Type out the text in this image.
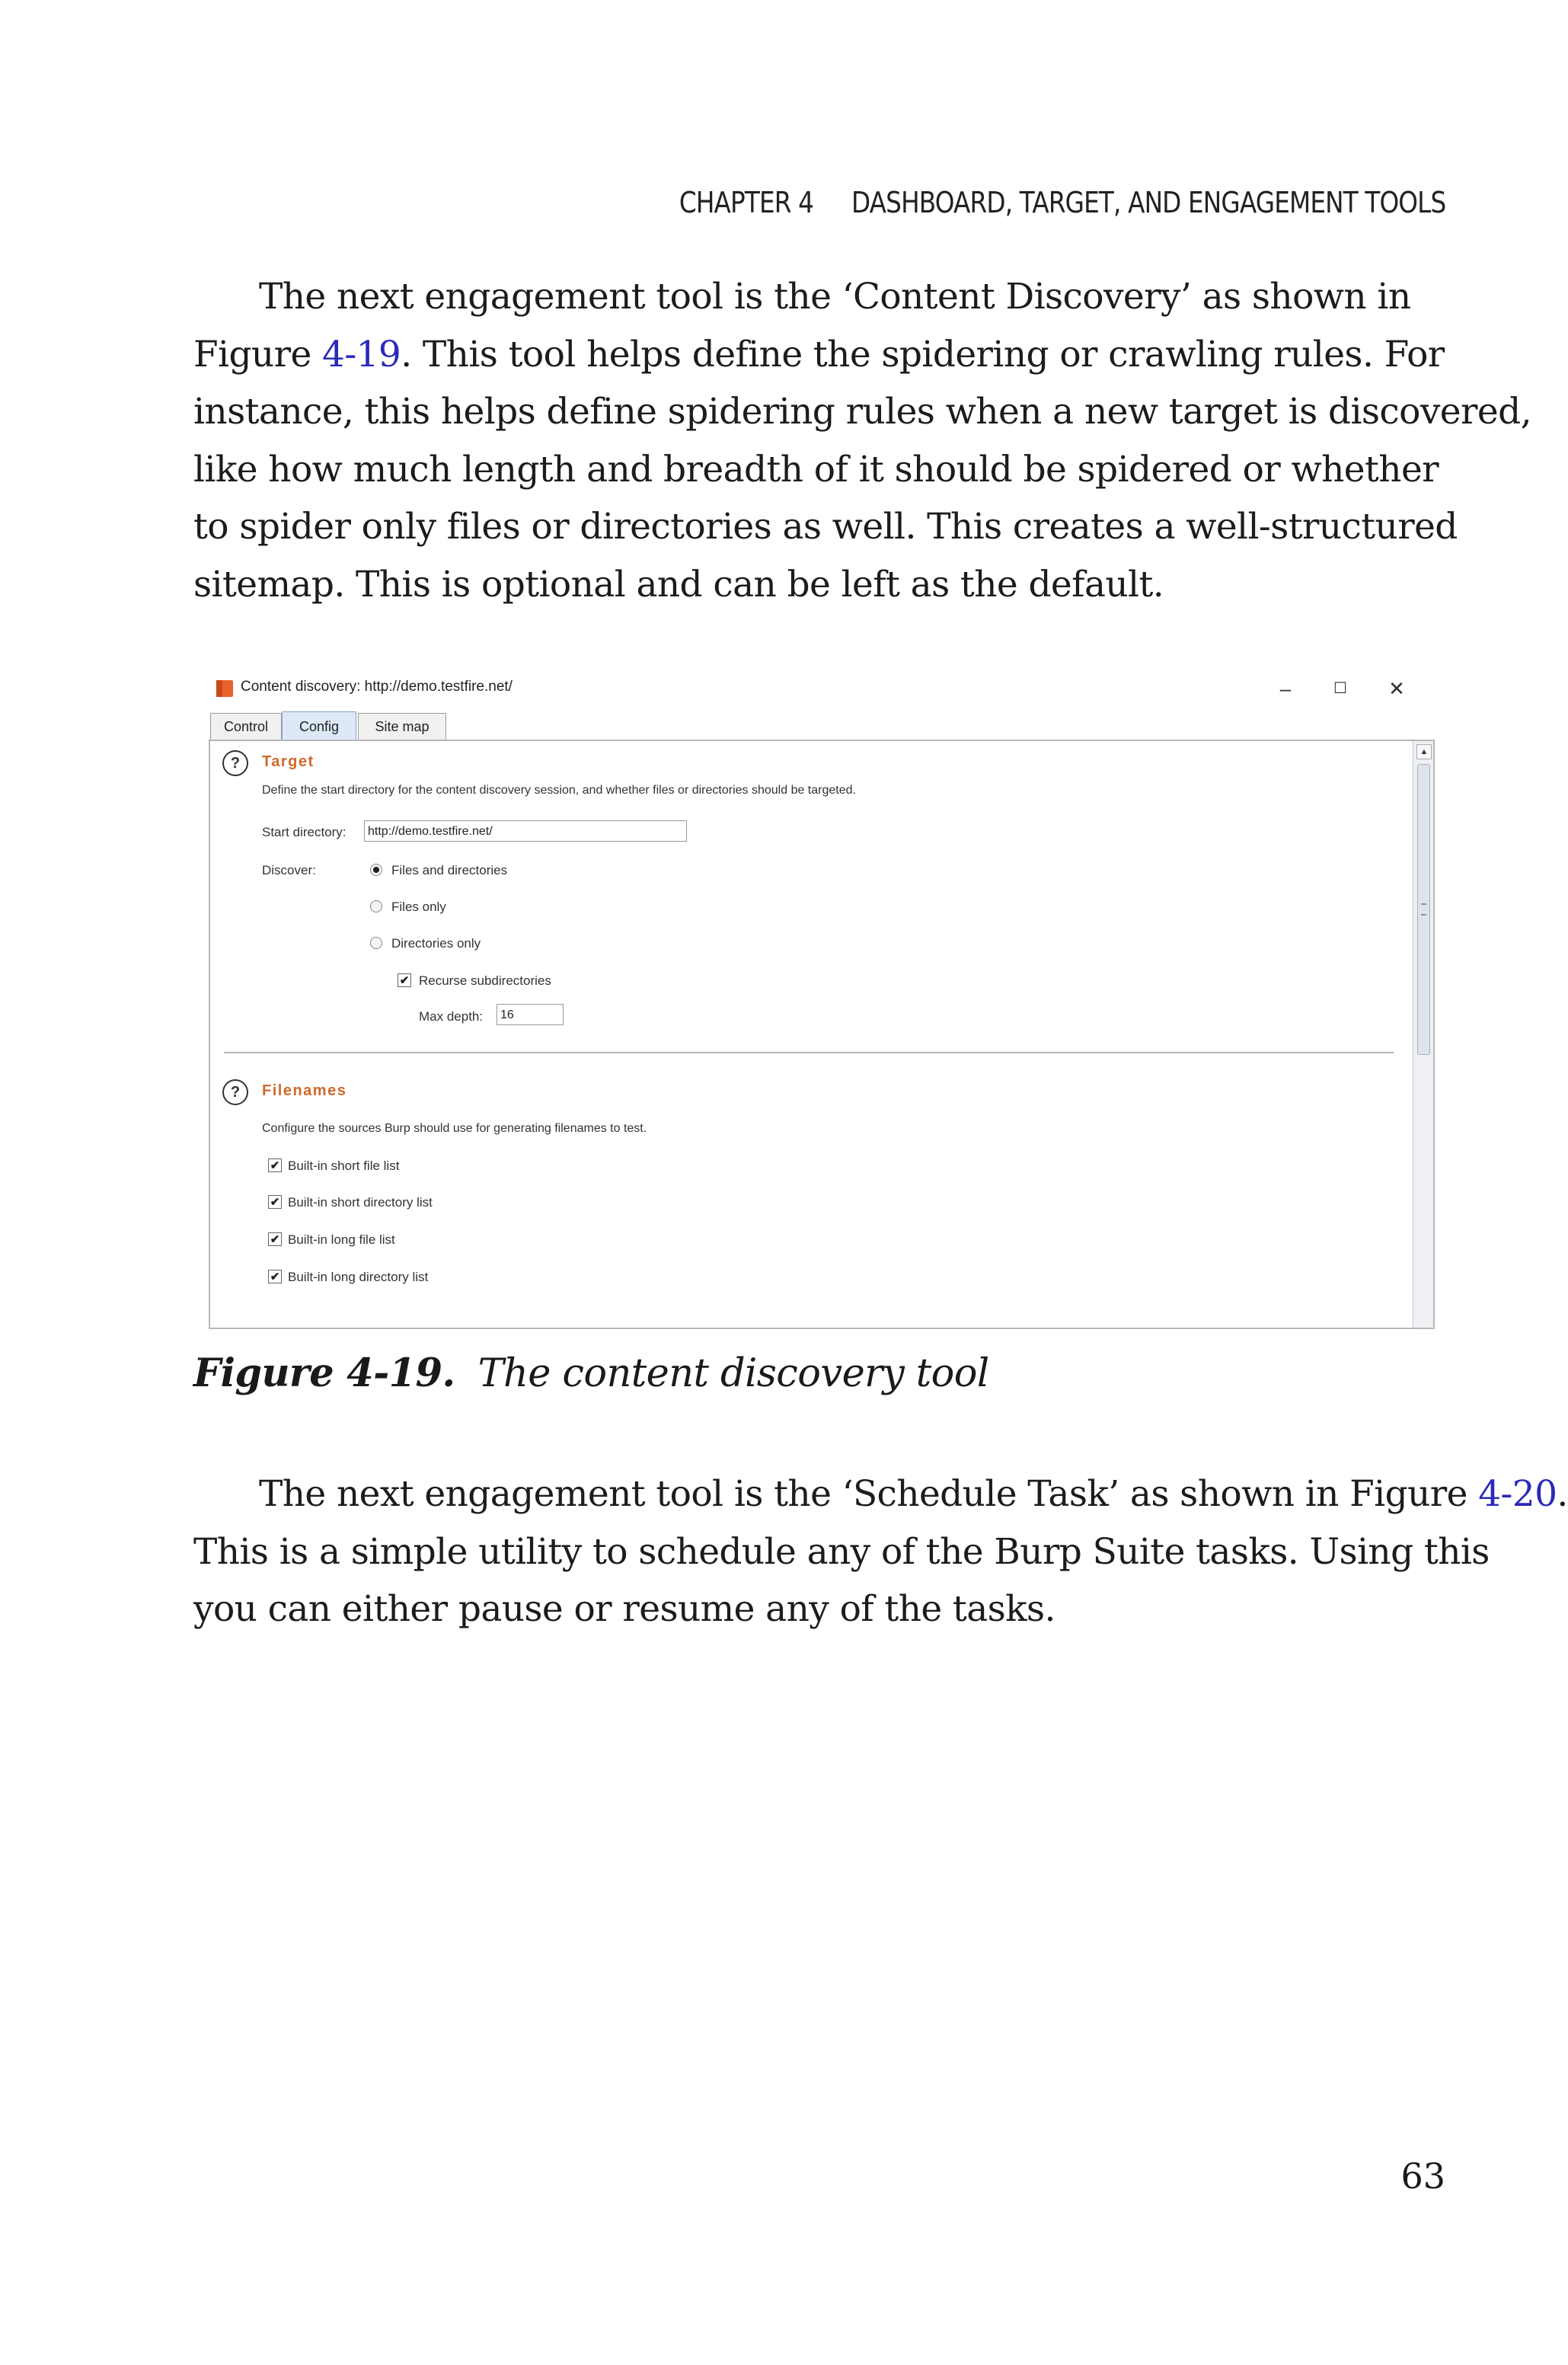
CHAPTER 4 DASHBOARD, TARGET, AND ENGAGEMENT TOOLS

The next engagement tool is the ‘Content Discovery’ as shown in
Figure 4-19. This tool helps define the spidering or crawling rules. For
instance, this helps define spidering rules when a new target is discovered,
like how much length and breadth of it should be spidered or whether
to spider only files or directories as well. This creates a well-structured
sitemap. This is optional and can be left as the default.

Content discovery: http://demo.testfire.net/	–	☐	✕
Control	Config	Site map
?	Target
Define the start directory for the content discovery session, and whether files or directories should be targeted.
Start directory:	http://demo.testfire.net/
Discover:	Files and directories
Files only
Directories only
✔ Recurse subdirectories
Max depth:	16
?	Filenames
Configure the sources Burp should use for generating filenames to test.
✔ Built-in short file list
✔ Built-in short directory list
✔ Built-in long file list
✔ Built-in long directory list
▲

Figure 4-19. The content discovery tool

The next engagement tool is the ‘Schedule Task’ as shown in Figure 4-20.
This is a simple utility to schedule any of the Burp Suite tasks. Using this
you can either pause or resume any of the tasks.

63
